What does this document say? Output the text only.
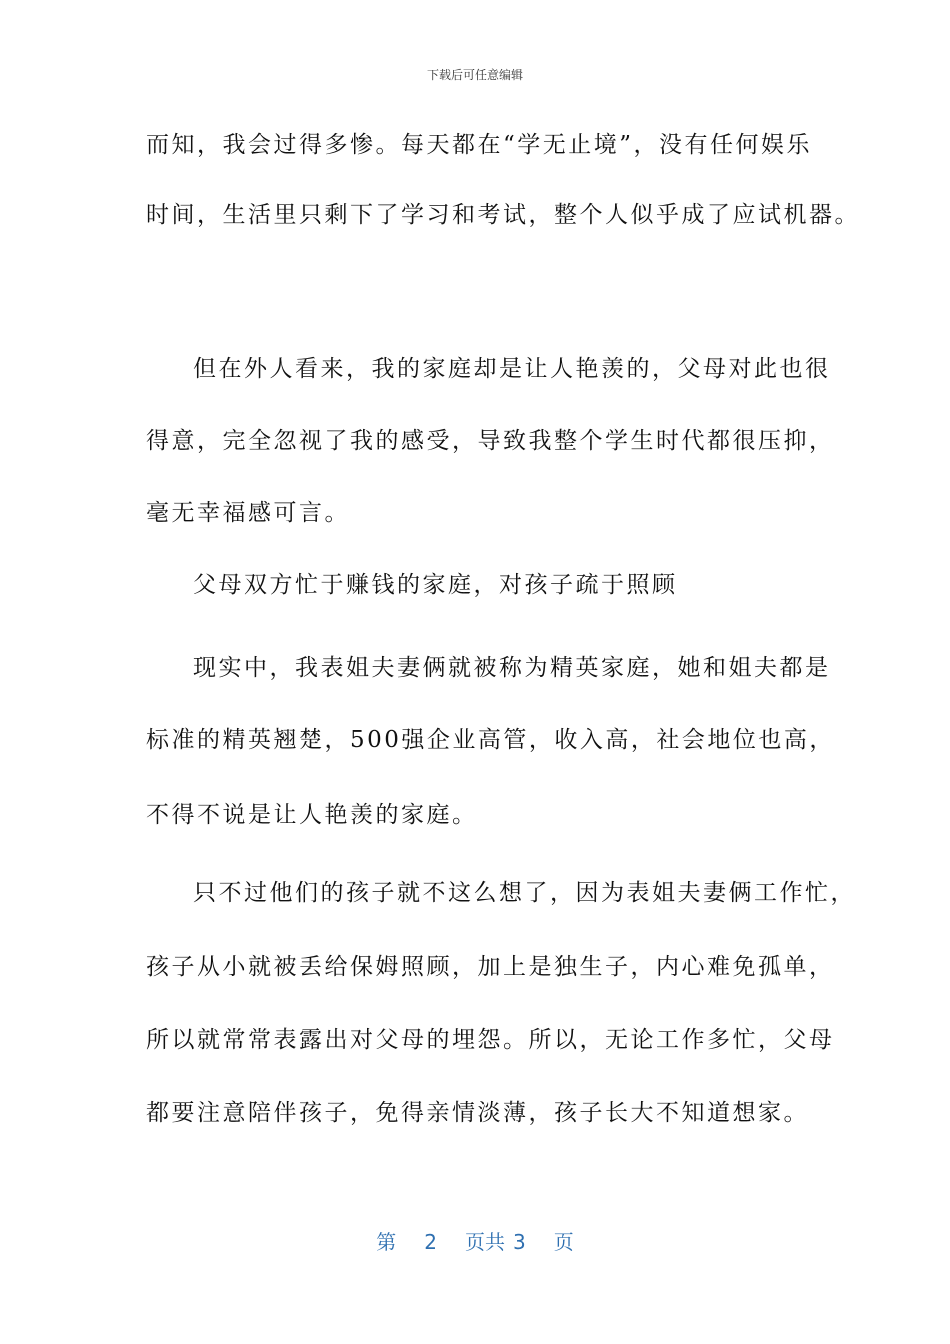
下载后可任意编辑
而知，我会过得多惨。每天都在“学无止境”，没有任何娱乐
时间，生活里只剩下了学习和考试，整个人似乎成了应试机器。
但在外人看来，我的家庭却是让人艳羡的，父母对此也很
得意，完全忽视了我的感受，导致我整个学生时代都很压抑，
毫无幸福感可言。
父母双方忙于赚钱的家庭，对孩子疏于照顾
现实中，我表姐夫妻俩就被称为精英家庭，她和姐夫都是
标准的精英翘楚，500强企业高管，收入高，社会地位也高，
不得不说是让人艳羡的家庭。
只不过他们的孩子就不这么想了，因为表姐夫妻俩工作忙，
孩子从小就被丢给保姆照顾，加上是独生子，内心难免孤单，
所以就常常表露出对父母的埋怨。所以，无论工作多忙，父母
都要注意陪伴孩子，免得亲情淡薄，孩子长大不知道想家。
第 2 页共 3 页
